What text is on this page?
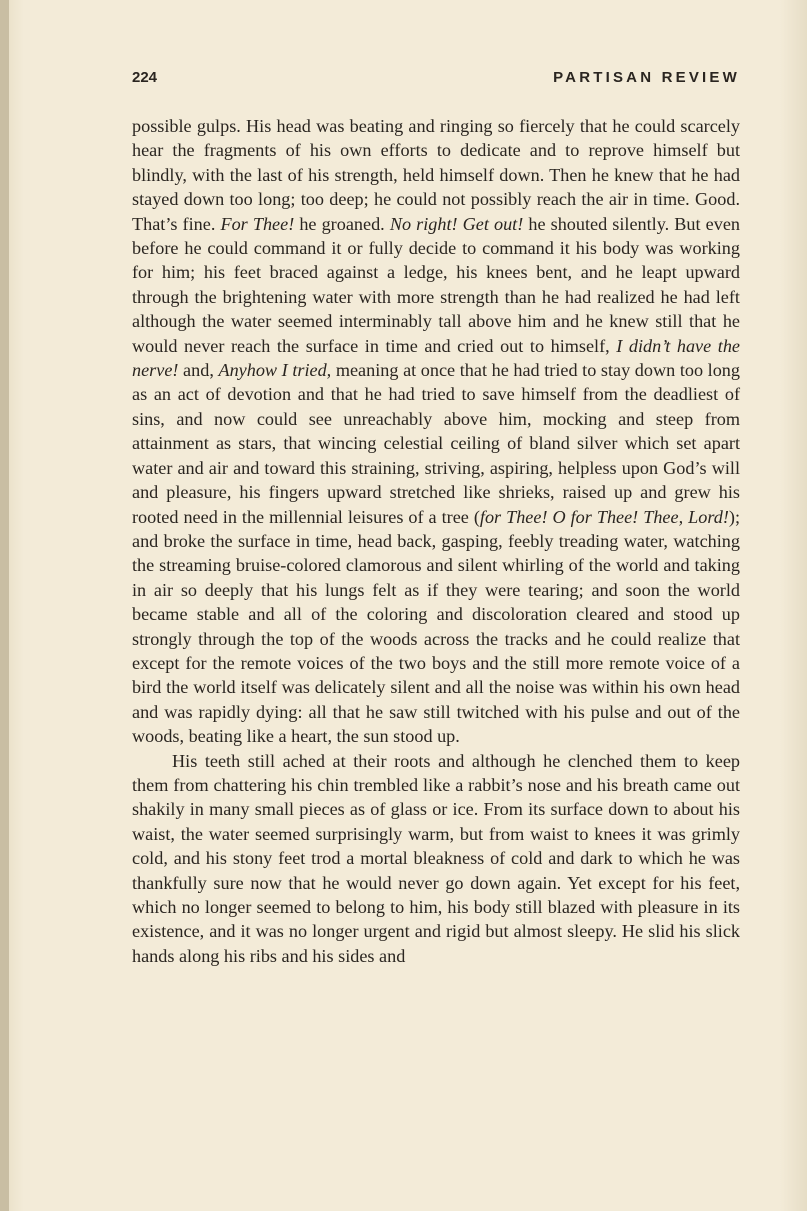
224	PARTISAN REVIEW

possible gulps. His head was beating and ringing so fiercely that he could scarcely hear the fragments of his own efforts to dedicate and to reprove himself but blindly, with the last of his strength, held himself down. Then he knew that he had stayed down too long; too deep; he could not possibly reach the air in time. Good. That’s fine. For Thee! he groaned. No right! Get out! he shouted silently. But even before he could command it or fully decide to command it his body was working for him; his feet braced against a ledge, his knees bent, and he leapt upward through the brightening water with more strength than he had realized he had left although the water seemed interminably tall above him and he knew still that he would never reach the surface in time and cried out to himself, I didn’t have the nerve! and, Anyhow I tried, meaning at once that he had tried to stay down too long as an act of devotion and that he had tried to save himself from the deadliest of sins, and now could see unreachably above him, mocking and steep from attainment as stars, that wincing celestial ceiling of bland silver which set apart water and air and toward this straining, striving, aspiring, helpless upon God’s will and pleasure, his fingers upward stretched like shrieks, raised up and grew his rooted need in the millennial leisures of a tree (for Thee! O for Thee! Thee, Lord!); and broke the surface in time, head back, gasping, feebly treading water, watching the streaming bruise-colored clamorous and silent whirling of the world and taking in air so deeply that his lungs felt as if they were tearing; and soon the world became stable and all of the coloring and discoloration cleared and stood up strongly through the top of the woods across the tracks and he could realize that except for the remote voices of the two boys and the still more remote voice of a bird the world itself was delicately silent and all the noise was within his own head and was rapidly dying: all that he saw still twitched with his pulse and out of the woods, beating like a heart, the sun stood up.

His teeth still ached at their roots and although he clenched them to keep them from chattering his chin trembled like a rabbit’s nose and his breath came out shakily in many small pieces as of glass or ice. From its surface down to about his waist, the water seemed surprisingly warm, but from waist to knees it was grimly cold, and his stony feet trod a mortal bleakness of cold and dark to which he was thankfully sure now that he would never go down again. Yet except for his feet, which no longer seemed to belong to him, his body still blazed with pleasure in its existence, and it was no longer urgent and rigid but almost sleepy. He slid his slick hands along his ribs and his sides and
